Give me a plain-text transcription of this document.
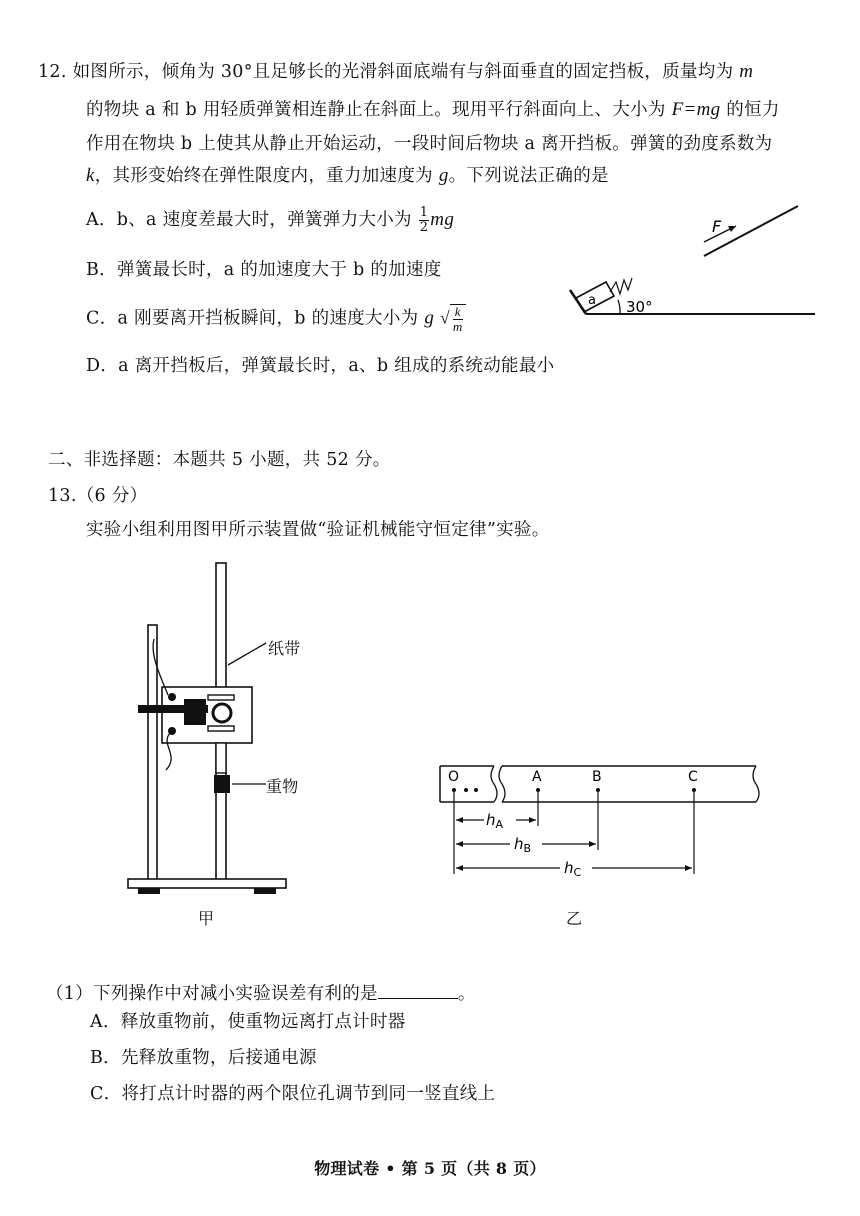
12. 如图所示，倾角为 30°且足够长的光滑斜面底端有与斜面垂直的固定挡板，质量均为 m
的物块 a 和 b 用轻质弹簧相连静止在斜面上。现用平行斜面向上、大小为 F=mg 的恒力
作用在物块 b 上使其从静止开始运动，一段时间后物块 a 离开挡板。弹簧的劲度系数为
k，其形变始终在弹性限度内，重力加速度为 g。下列说法正确的是
A．b、a 速度差最大时，弹簧弹力大小为 $\frac{1}{2}$ mg
B．弹簧最长时，a 的加速度大于 b 的加速度
C．a 刚要离开挡板瞬间，b 的速度大小为 g √ $\frac{k}{m}$
D．a 离开挡板后，弹簧最长时，a、b 组成的系统动能最小
F
a 30°
二、非选择题：本题共 5 小题，共 52 分。
13.（6 分）
实验小组利用图甲所示装置做“验证机械能守恒定律”实验。
纸带
重物
甲
O	A	B	C
$h_A$
$h_B$
$h_C$
乙
（1）下列操作中对减小实验误差有利的是	。
A．释放重物前，使重物远离打点计时器
B．先释放重物，后接通电源
C．将打点计时器的两个限位孔调节到同一竖直线上
物理试卷 • 第 5 页（共 8 页）
